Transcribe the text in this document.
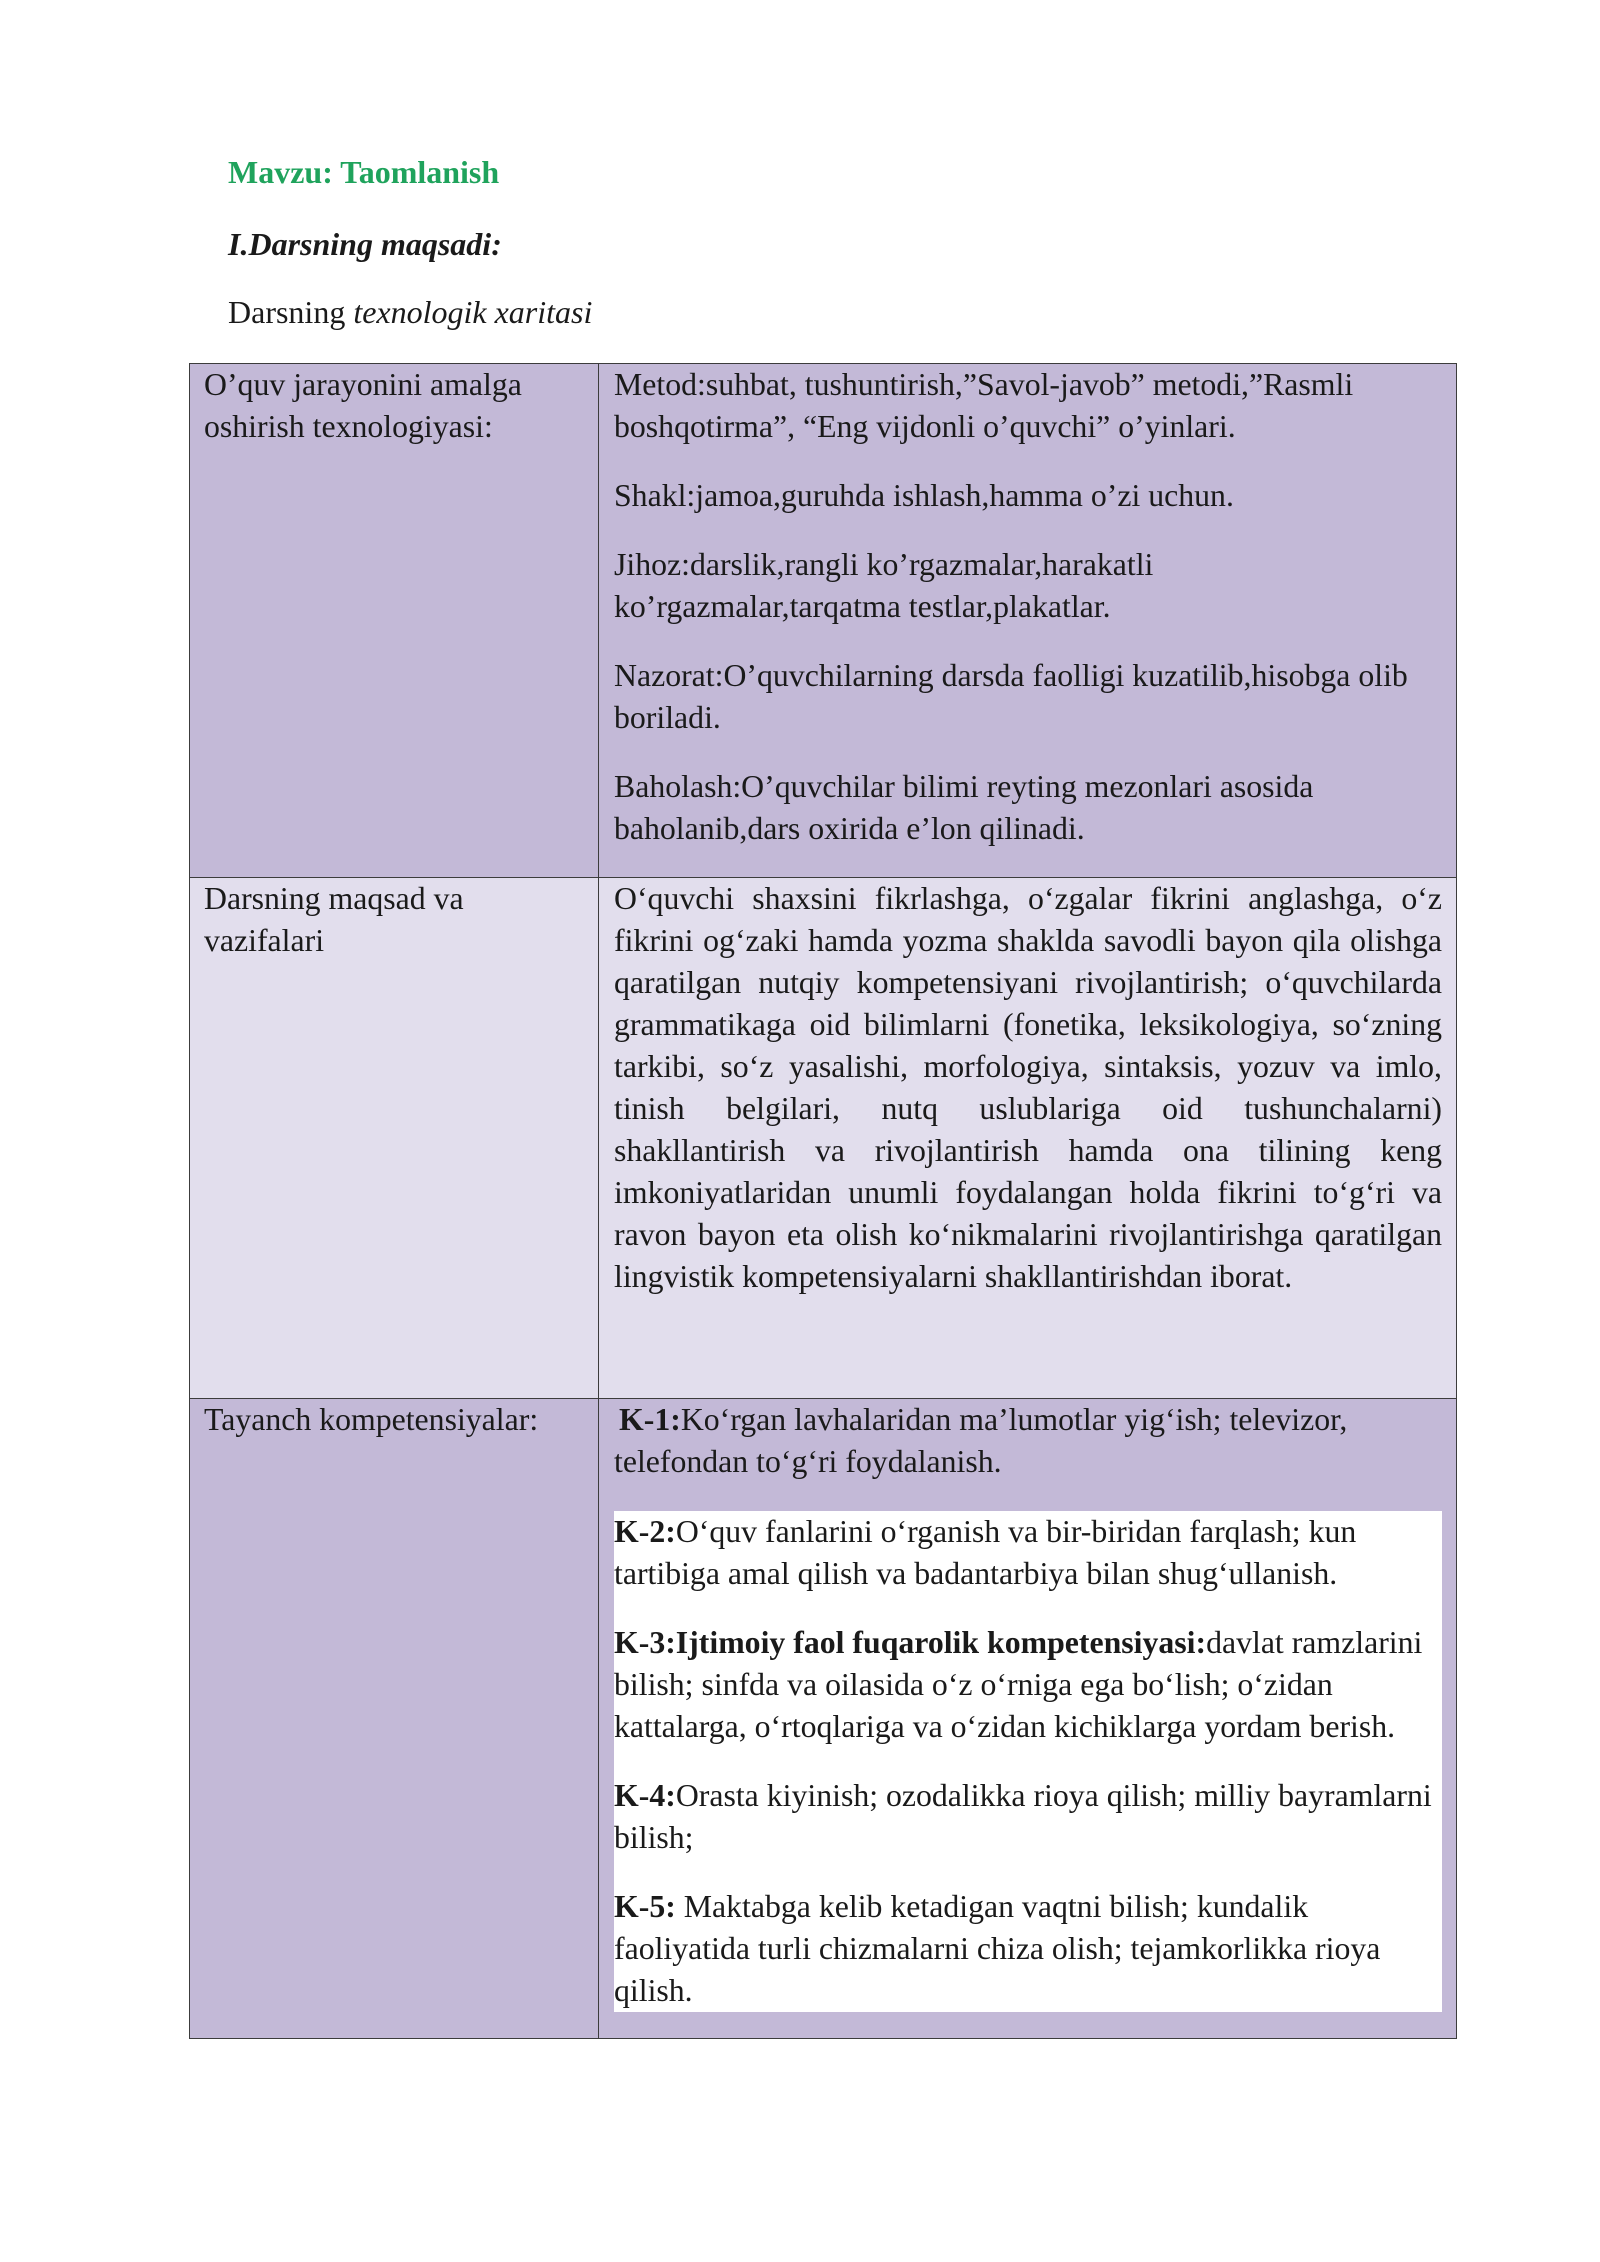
Mavzu: Taomlanish
I.Darsning maqsadi:
Darsning texnologik xaritasi
O’quv jarayonini amalga oshirish texnologiyasi:

Metod:suhbat, tushuntirish,”Savol-javob” metodi,”Rasmli boshqotirma”, “Eng vijdonli o’quvchi” o’yinlari.

Shakl:jamoa,guruhda ishlash,hamma o’zi uchun.

Jihoz:darslik,rangli ko’rgazmalar,harakatli ko’rgazmalar,tarqatma testlar,plakatlar.

Nazorat:O’quvchilarning darsda faolligi kuzatilib,hisobga olib boriladi.

Baholash:O’quvchilar bilimi reyting mezonlari asosida baholanib,dars oxirida e’lon qilinadi.

Darsning maqsad va vazifalari

O‘quvchi shaxsini fikrlashga, o‘zgalar fikrini anglashga, o‘z fikrini og‘zaki hamda yozma shaklda savodli bayon qila olishga qaratilgan nutqiy kompetensiyani rivojlantirish; o‘quvchilarda grammatikaga oid bilimlarni (fonetika, leksikologiya, so‘zning tarkibi, so‘z yasalishi, morfologiya, sintaksis, yozuv va imlo, tinish belgilari, nutq uslublariga oid tushunchalarni) shakllantirish va rivojlantirish hamda ona tilining keng imkoniyatlaridan unumli foydalangan holda fikrini to‘g‘ri va ravon bayon eta olish ko‘nikmalarini rivojlantirishga qaratilgan lingvistik kompetensiyalarni shakllantirishdan iborat.

Tayanch kompetensiyalar:	K-1:Ko‘rgan lavhalaridan ma’lumotlar yig‘ish; televizor, telefondan to‘g‘ri foydalanish.

K-2:O‘quv fanlarini o‘rganish va bir-biridan farqlash; kun tartibiga amal qilish va badantarbiya bilan shug‘ullanish.

K-3:Ijtimoiy faol fuqarolik kompetensiyasi:davlat ramzlarini bilish; sinfda va oilasida o‘z o‘rniga ega bo‘lish; o‘zidan kattalarga, o‘rtoqlariga va o‘zidan kichiklarga yordam berish.

K-4:Orasta kiyinish; ozodalikka rioya qilish; milliy bayramlarni bilish;

K-5: Maktabga kelib ketadigan vaqtni bilish; kundalik faoliyatida turli chizmalarni chiza olish; tejamkorlikka rioya qilish.
